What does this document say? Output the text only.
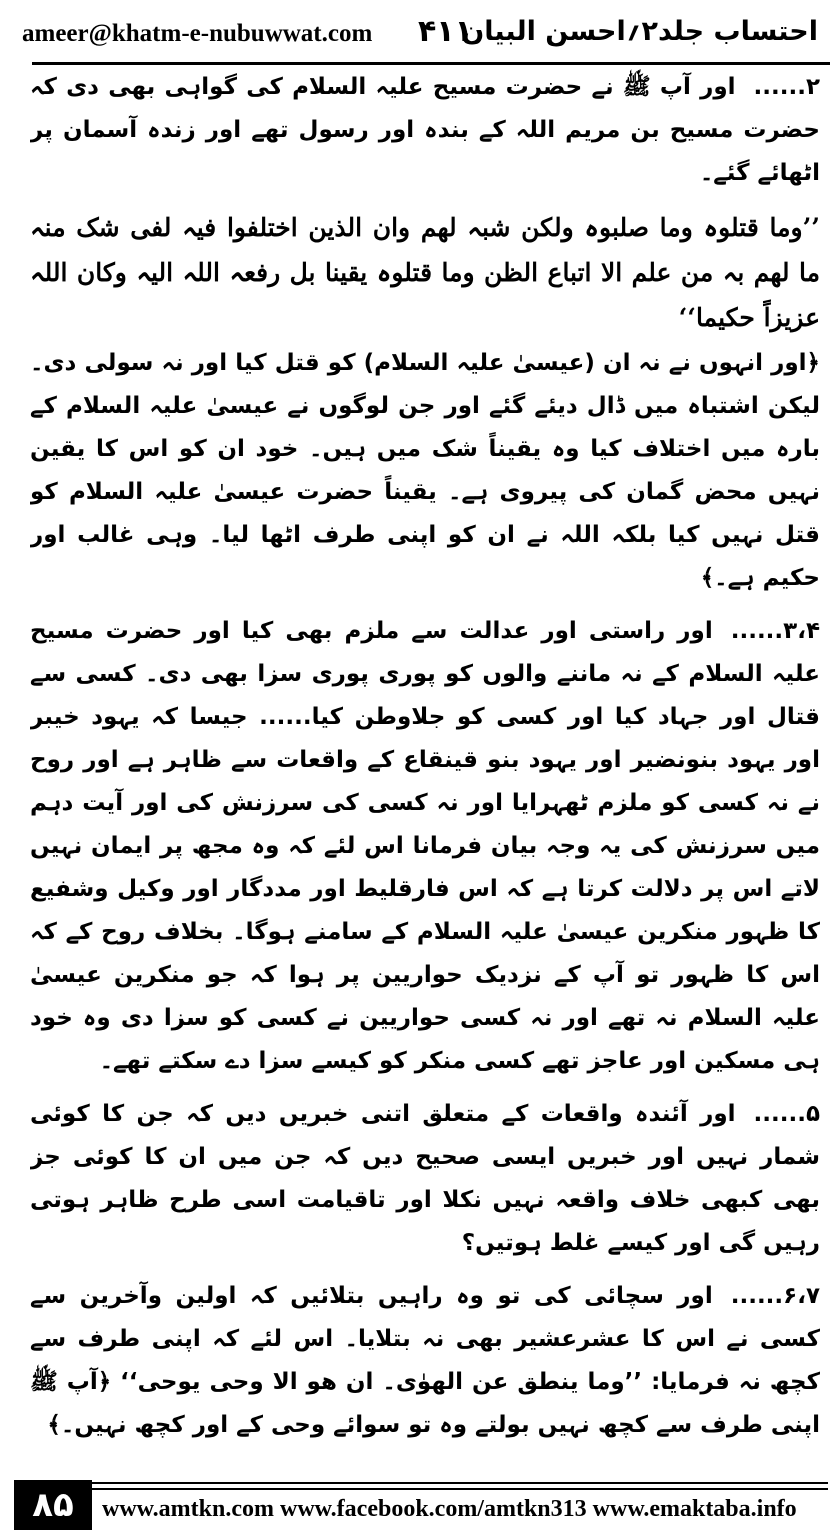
ameer@khatm-e-nubuwwat.com ۴۱۱
احتساب جلد۲؍احسن البیان

۲......اور آپ ﷺ نے حضرت مسیح علیہ السلام کی گواہی بھی دی کہ حضرت مسیح بن مریم اللہ کے بندہ اور رسول تھے اور زندہ آسمان پر اٹھائے گئے۔

’’وما قتلوہ وما صلبوہ ولکن شبہ لھم وان الذین اختلفوا فیہ لفی شک منہ ما لھم بہ من علم الا اتباع الظن وما قتلوہ یقینا بل رفعہ اللہ الیہ وکان اللہ عزیزاً حکیما‘‘

﴿اور انہوں نے نہ ان (عیسیٰ علیہ السلام) کو قتل کیا اور نہ سولی دی۔ لیکن اشتباہ میں ڈال دیئے گئے اور جن لوگوں نے عیسیٰ علیہ السلام کے بارہ میں اختلاف کیا وہ یقیناً شک میں ہیں۔ خود ان کو اس کا یقین نہیں محض گمان کی پیروی ہے۔ یقیناً حضرت عیسیٰ علیہ السلام کو قتل نہیں کیا بلکہ اللہ نے ان کو اپنی طرف اٹھا لیا۔ وہی غالب اور حکیم ہے۔﴾

۳،۴......اور راستی اور عدالت سے ملزم بھی کیا اور حضرت مسیح علیہ السلام کے نہ ماننے والوں کو پوری پوری سزا بھی دی۔ کسی سے قتال اور جہاد کیا اور کسی کو جلاوطن کیا...... جیسا کہ یہود خیبر اور یہود بنونضیر اور یہود بنو قینقاع کے واقعات سے ظاہر ہے اور روح نے نہ کسی کو ملزم ٹھہرایا اور نہ کسی کی سرزنش کی اور آیت دہم میں سرزنش کی یہ وجہ بیان فرمانا اس لئے کہ وہ مجھ پر ایمان نہیں لاتے اس پر دلالت کرتا ہے کہ اس فارقلیط اور مددگار اور وکیل وشفیع کا ظہور منکرین عیسیٰ علیہ السلام کے سامنے ہوگا۔ بخلاف روح کے کہ اس کا ظہور تو آپ کے نزدیک حواریین پر ہوا کہ جو منکرین عیسیٰ علیہ السلام نہ تھے اور نہ کسی حواریین نے کسی کو سزا دی وہ خود ہی مسکین اور عاجز تھے کسی منکر کو کیسے سزا دے سکتے تھے۔

۵......اور آئندہ واقعات کے متعلق اتنی خبریں دیں کہ جن کا کوئی شمار نہیں اور خبریں ایسی صحیح دیں کہ جن میں ان کا کوئی جز بھی کبھی خلاف واقعہ نہیں نکلا اور تاقیامت اسی طرح ظاہر ہوتی رہیں گی اور کیسے غلط ہوتیں؟

۶،۷......اور سچائی کی تو وہ راہیں بتلائیں کہ اولین وآخرین سے کسی نے اس کا عشرعشیر بھی نہ بتلایا۔ اس لئے کہ اپنی طرف سے کچھ نہ فرمایا: ’’وما ینطق عن الھوٰی۔ ان ھو الا وحی یوحی‘‘ ﴿آپ ﷺ اپنی طرف سے کچھ نہیں بولتے وہ تو سوائے وحی کے اور کچھ نہیں۔﴾

۸۵	www.amtkn.com www.facebook.com/amtkn313 www.emaktaba.info
